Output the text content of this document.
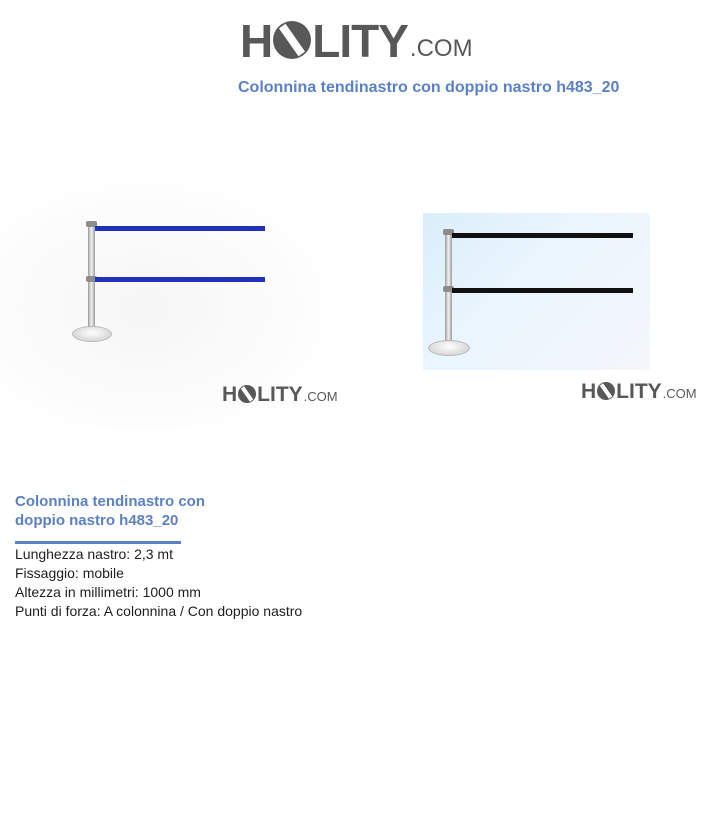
H LITY .COM
Colonnina tendinastro con doppio nastro h483_20
H LITY .COM	H LITY .COM
Colonnina tendinastro con
doppio nastro h483_20
Lunghezza nastro: 2,3 mt
Fissaggio: mobile
Altezza in millimetri: 1000 mm
Punti di forza: A colonnina / Con doppio nastro
